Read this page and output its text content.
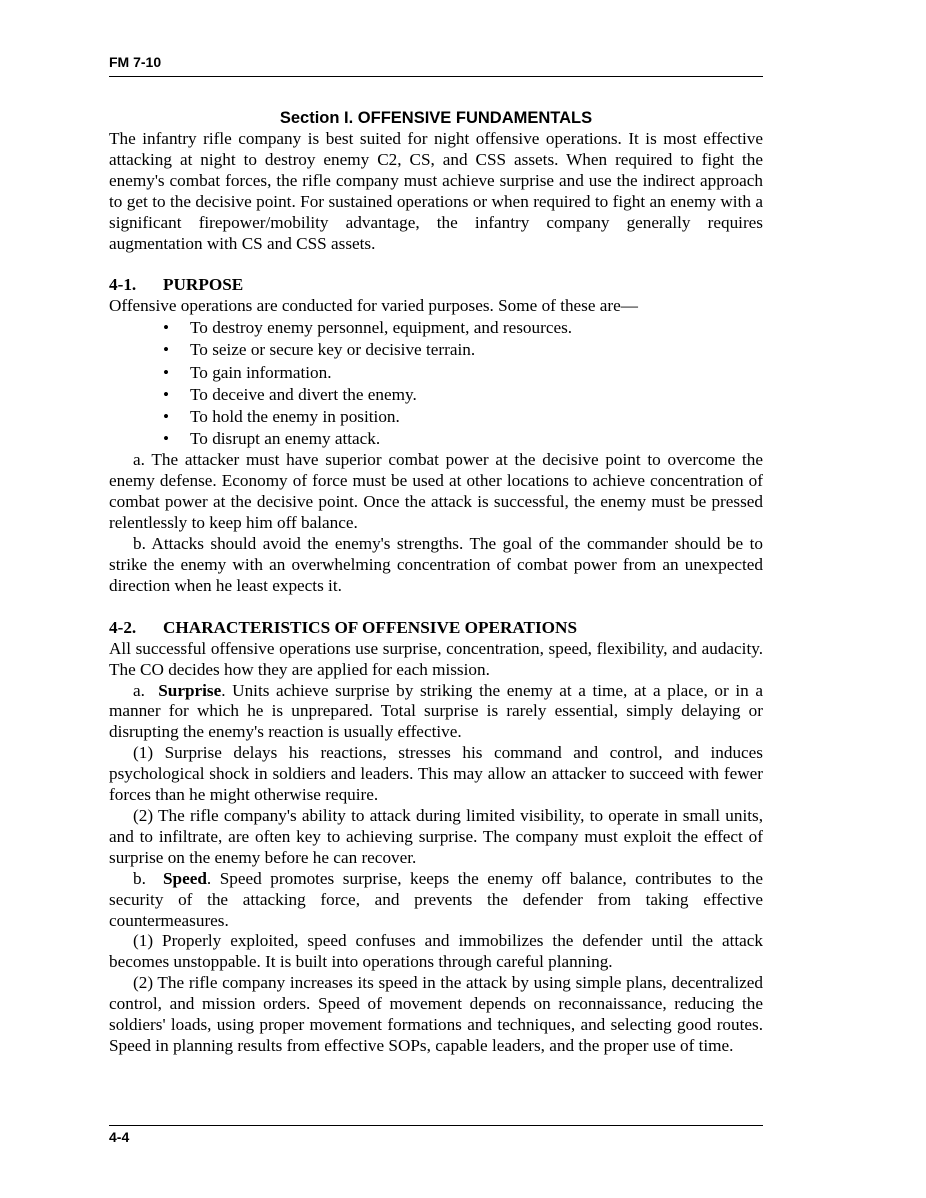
FM 7-10
Section I. OFFENSIVE FUNDAMENTALS

The infantry rifle company is best suited for night offensive operations. It is most effective attacking at night to destroy enemy C2, CS, and CSS assets. When required to fight the enemy's combat forces, the rifle company must achieve surprise and use the indirect approach to get to the decisive point. For sustained operations or when required to fight an enemy with a significant firepower/mobility advantage, the infantry company generally requires augmentation with CS and CSS assets.

4-1. PURPOSE

Offensive operations are conducted for varied purposes. Some of these are—

• To destroy enemy personnel, equipment, and resources.
• To seize or secure key or decisive terrain.
• To gain information.
• To deceive and divert the enemy.
• To hold the enemy in position.
• To disrupt an enemy attack.

a. The attacker must have superior combat power at the decisive point to overcome the enemy defense. Economy of force must be used at other locations to achieve concentration of combat power at the decisive point. Once the attack is successful, the enemy must be pressed relentlessly to keep him off balance.

b. Attacks should avoid the enemy's strengths. The goal of the commander should be to strike the enemy with an overwhelming concentration of combat power from an unexpected direction when he least expects it.

4-2. CHARACTERISTICS OF OFFENSIVE OPERATIONS

All successful offensive operations use surprise, concentration, speed, flexibility, and audacity. The CO decides how they are applied for each mission.

a. Surprise. Units achieve surprise by striking the enemy at a time, at a place, or in a manner for which he is unprepared. Total surprise is rarely essential, simply delaying or disrupting the enemy's reaction is usually effective.

(1) Surprise delays his reactions, stresses his command and control, and induces psychological shock in soldiers and leaders. This may allow an attacker to succeed with fewer forces than he might otherwise require.

(2) The rifle company's ability to attack during limited visibility, to operate in small units, and to infiltrate, are often key to achieving surprise. The company must exploit the effect of surprise on the enemy before he can recover.

b. Speed. Speed promotes surprise, keeps the enemy off balance, contributes to the security of the attacking force, and prevents the defender from taking effective countermeasures.

(1) Properly exploited, speed confuses and immobilizes the defender until the attack becomes unstoppable. It is built into operations through careful planning.

(2) The rifle company increases its speed in the attack by using simple plans, decentralized control, and mission orders. Speed of movement depends on reconnaissance, reducing the soldiers' loads, using proper movement formations and techniques, and selecting good routes. Speed in planning results from effective SOPs, capable leaders, and the proper use of time.

4-4
